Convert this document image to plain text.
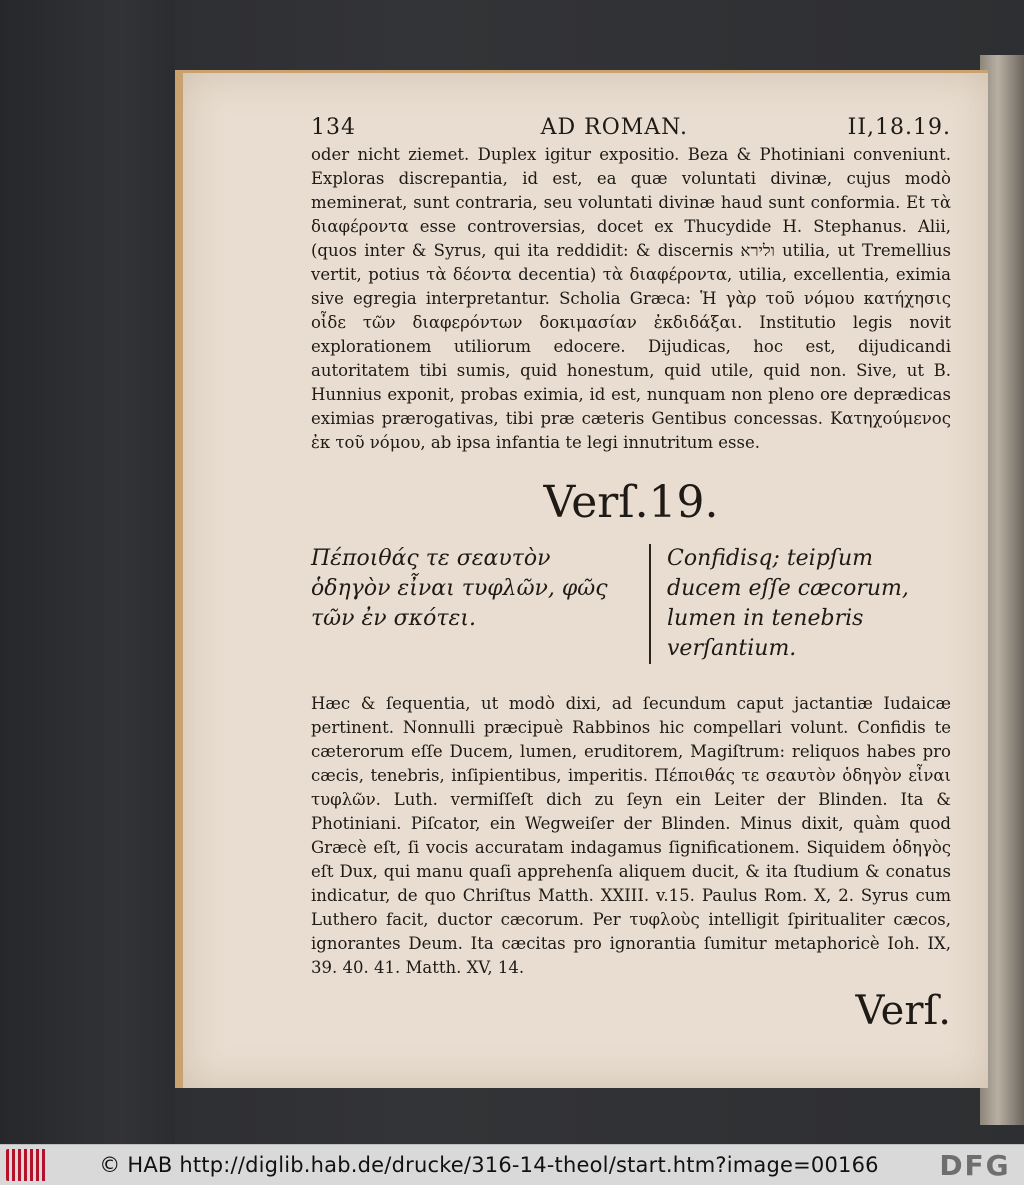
134	AD ROMAN.	II,18.19.

oder nicht ziemet. Duplex igitur expositio. Beza & Photiniani conveniunt. Exploras discrepantia, id est, ea quæ voluntati divinæ, cujus modò meminerat, sunt contraria, seu voluntati divinæ haud sunt conformia. Et τὰ διαφέροντα esse controversias, docet ex Thucydide H. Stephanus. Alii, (quos inter & Syrus, qui ita reddidit: & discernis ולירא utilia, ut Tremellius vertit, potius τὰ δέοντα decentia) τὰ διαφέροντα, utilia, excellentia, eximia sive egregia interpretantur. Scholia Græca: Ἡ γὰρ τοῦ νόμου κατήχησις οἶδε τῶν διαφερόντων δοκιμασίαν ἐκδιδάξαι. Institutio legis novit explorationem utiliorum edocere. Dijudicas, hoc est, dijudicandi autoritatem tibi sumis, quid honestum, quid utile, quid non. Sive, ut B. Hunnius exponit, probas eximia, id est, nunquam non pleno ore deprædicas eximias prærogativas, tibi præ cæteris Gentibus concessas. Κατηχούμενος ἐκ τοῦ νόμου, ab ipsa infantia te legi innutritum esse.

Verſ.19.
Πέποιθάς τε σεαυτὸν ὁδηγὸν εἶναι τυφλῶν, φῶς τῶν ἐν σκότει.
Confidisq; teipſum ducem eſſe cæcorum, lumen in tenebris verſantium.

Hæc & ſequentia, ut modò dixi, ad ſecundum caput jactantiæ Iudaicæ pertinent. Nonnulli præcipuè Rabbinos hic compellari volunt. Confidis te cæterorum eſſe Ducem, lumen, eruditorem, Magiſtrum: reliquos habes pro cæcis, tenebris, inſipientibus, imperitis. Πέποιθάς τε σεαυτὸν ὁδηγὸν εἶναι τυφλῶν. Luth. vermiſſeſt dich zu ſeyn ein Leiter der Blinden. Ita & Photiniani. Piſcator, ein Wegweiſer der Blinden. Minus dixit, quàm quod Græcè eſt, ſi vocis accuratam indagamus ſignificationem. Siquidem ὁδηγὸς eſt Dux, qui manu quaſi apprehenſa aliquem ducit, & ita ſtudium & conatus indicatur, de quo Chriſtus Matth. XXIII. v.15. Paulus Rom. X, 2. Syrus cum Luthero facit, ductor cæcorum. Per τυφλοὺς intelligit ſpiritualiter cæcos, ignorantes Deum. Ita cæcitas pro ignorantia ſumitur metaphoricè Ioh. IX, 39. 40. 41. Matth. XV, 14.

Verſ.
© HAB http://diglib.hab.de/drucke/316-14-theol/start.htm?image=00166	DFG
